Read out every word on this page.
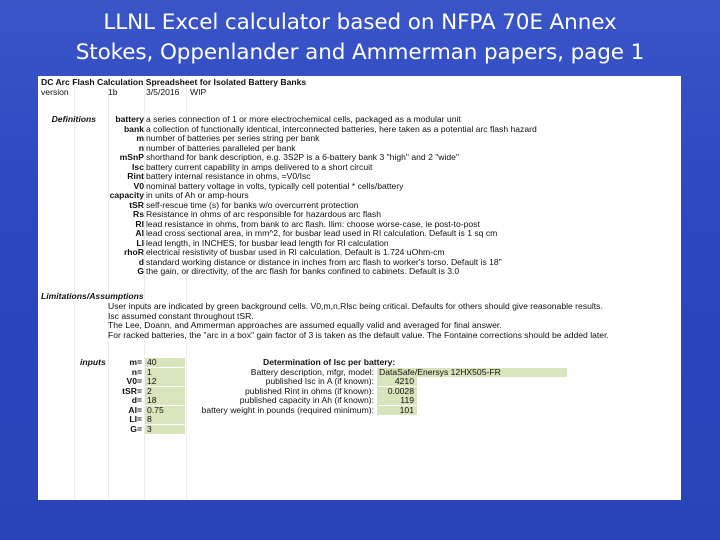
LLNL Excel calculator based on NFPA 70E Annex
Stokes, Oppenlander and Ammerman papers, page 1
DC Arc Flash Calculation Spreadsheet for Isolated Battery Banks
version	1b	3/5/2016 WIP
Definitions	battery a series connection of 1 or more electrochemical cells, packaged as a modular unit
bank a collection of functionally identical, interconnected batteries, here taken as a potential arc flash hazard
m number of batteries per series string per bank
n number of batteries paralleled per bank
mSnP shorthand for bank description, e.g. 3S2P is a 6-battery bank 3 "high" and 2 "wide"
Isc battery current capability in amps delivered to a short circuit
Rint battery internal resistance in ohms, =V0/Isc
V0 nominal battery voltage in volts, typically cell potential * cells/battery
capacity in units of Ah or amp-hours
tSR self-rescue time (s) for banks w/o overcurrent protection
Rs Resistance in ohms of arc responsible for hazardous arc flash
RI lead resistance in ohms, from bank to arc flash. Ilim: choose worse-case, ie post-to-post
AI lead cross sectional area, in mm^2, for busbar lead used in RI calculation. Default is 1 sq cm
LI lead length, in INCHES, for busbar lead length for RI calculation
rhoR electrical resistivity of busbar used in RI calculation. Default is 1.724 uOhm-cm
d standard working distance or distance in inches from arc flash to worker's torso. Default is 18"
G the gain, or directivity, of the arc flash for banks confined to cabinets. Default is 3.0
Limitations/Assumptions
User inputs are indicated by green background cells. V0,m,n,Rlsc being critical. Defaults for others should give reasonable results.
Isc assumed constant throughout tSR.
The Lee, Doann, and Ammerman approaches are assumed equally valid and averaged for final answer.
For racked batteries, the "arc in a box" gain factor of 3 is taken as the default value. The Fontaine corrections should be added later.
inputs	m= 40	Determination of Isc per battery:
n= 1	Battery description, mfgr, model: DataSafe/Enersys 12HX505-FR
V0= 12	published Isc in A (if known):	4210
tSR= 2	published Rint in ohms (if known):	0.0028
d= 18	published capacity in Ah (if known):	119
AI= 0.75	battery weight in pounds (required minimum):	101
LI= 8
G= 3
